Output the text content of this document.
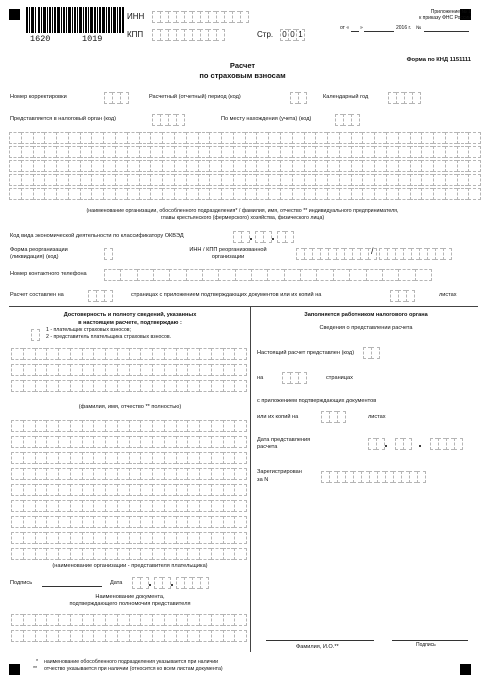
1620	1019
ИНН
КПП	Стр. 0 0 1
Приложение № 1
к приказу ФНС России
от « »	2016 г. №
Расчет
по страховым взносам
Форма по КНД 1151111
Номер корректировки	Расчетный (отчетный) период (код)	Календарный год
Представляется в налоговый орган (код)	По месту нахождения (учета) (код)
(наименование организации, обособленного подразделения* / фамилия, имя, отчество ** индивидуального предпринимателя,
главы крестьянского (фермерского) хозяйства, физического лица)
Код вида экономической деятельности по классификатору ОКВЭД
Форма реорганизации
(ликвидация) (код)
ИНН / КПП реорганизованной
организации
/
Номер контактного телефона
Расчет составлен на	страницах с приложением подтверждающих документов или их копий на	листах
Достоверность и полноту сведений, указанных
в настоящем расчете, подтверждаю :
1 - плательщик страховых взносов;
2 - представитель плательщика страховых взносов.
(фамилия, имя, отчество ** полностью)
(наименование организации - представителя плательщика)
Подпись	Дата
Наименование документа,
подтверждающего полномочия представителя
Заполняется работником налогового органа
Сведения о представлении расчета
Настоящий расчет представлен (код)
на	страницах
с приложением подтверждающих документов
или их копий на	листах
Дата представления
расчета
Зарегистрирован
за N
Фамилия, И.О.**	Подпись
* наименование обособленного подразделения указывается при наличии
** отчество указывается при наличии (относится ко всем листам документа)
